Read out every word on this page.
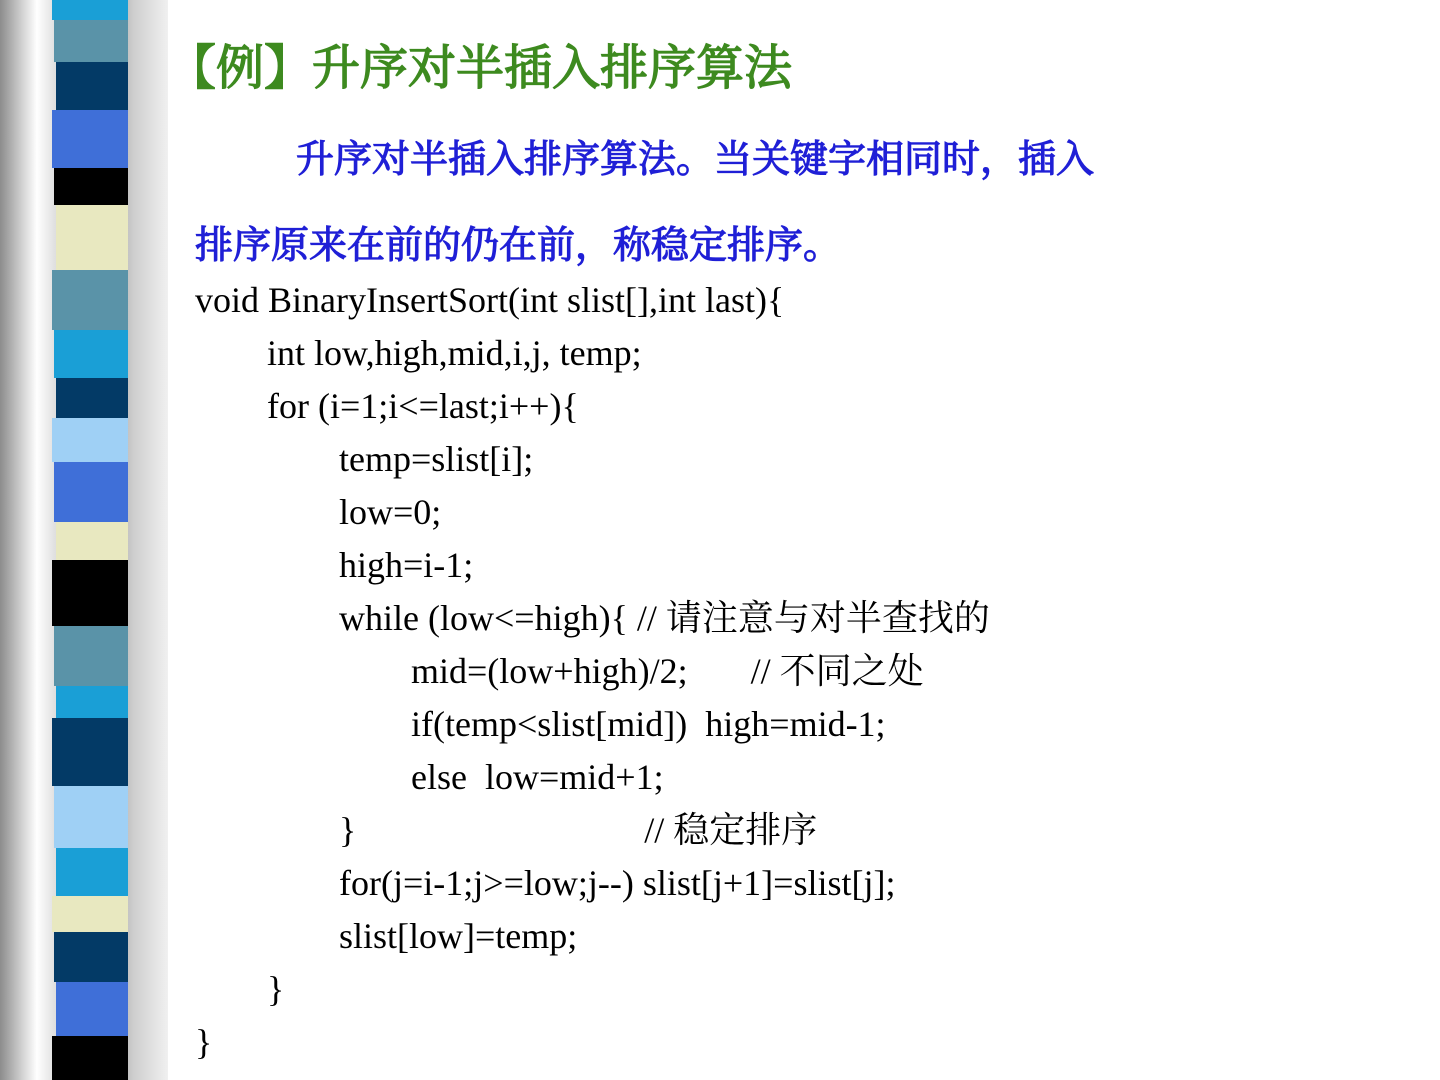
【例】升序对半插入排序算法
升序对半插入排序算法。当关键字相同时，插入
排序原来在前的仍在前，称稳定排序。
void BinaryInsertSort(int slist[],int last){
int low,high,mid,i,j, temp;
for (i=1;i<=last;i++){
temp=slist[i];
low=0;
high=i-1;
while (low<=high){ // 请注意与对半查找的
mid=(low+high)/2;       // 不同之处
if(temp<slist[mid])  high=mid-1;
else  low=mid+1;
}                                // 稳定排序
for(j=i-1;j>=low;j--) slist[j+1]=slist[j];
slist[low]=temp;
}
}
